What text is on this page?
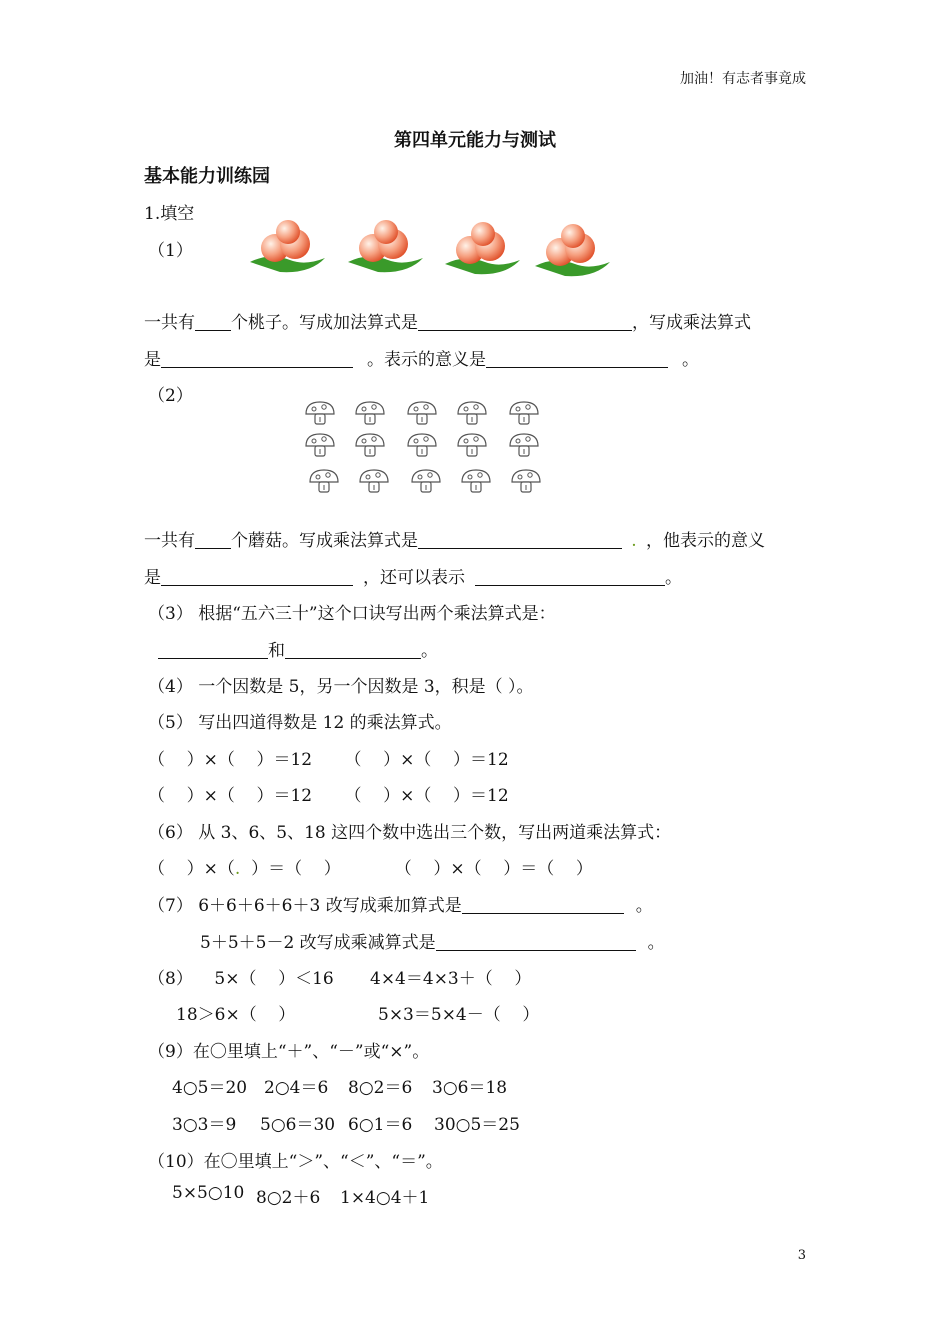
加油！有志者事竟成
第四单元能力与测试
基本能力训练园
1.填空
（1）
一共有 个桃子。写成加法算式是	，写成乘法算式
是	。表示的意义是	。
（2）
一共有 个蘑菇。写成乘法算式是	. ，他表示的意义
是	，还可以表示	。
（3） 根据“五六三十”这个口诀写出两个乘法算式是：
和	。
（4） 一个因数是 5，另一个因数是 3，积是（ ）。
（5） 写出四道得数是 12 的乘法算式。
（    ）×（    ）＝12      （    ）×（    ）＝12
（    ）×（    ）＝12      （    ）×（    ）＝12
（6） 从 3、6、5、18 这四个数中选出三个数，写出两道乘法算式：
（    ）×（.  ）＝（    ）          （    ）×（    ）＝（    ）
（7） 6＋6＋6＋6＋3 改写成乘加算式是	。
5＋5＋5－2 改写成乘减算式是	。
（8）    5×（    ）＜16 4×4＝4×3＋（    ）
18＞6×（    ）	5×3＝5×4－（    ）
（9）在〇里填上“＋”、“－”或“×”。
4○5＝20 2○4＝6 8○2＝6 3○6＝18
3○3＝9 5○6＝30 6○1＝6 30○5＝25
（10）在〇里填上“＞”、“＜”、“＝”。
5×5○10 8○2＋6 1×4○4＋1
3
